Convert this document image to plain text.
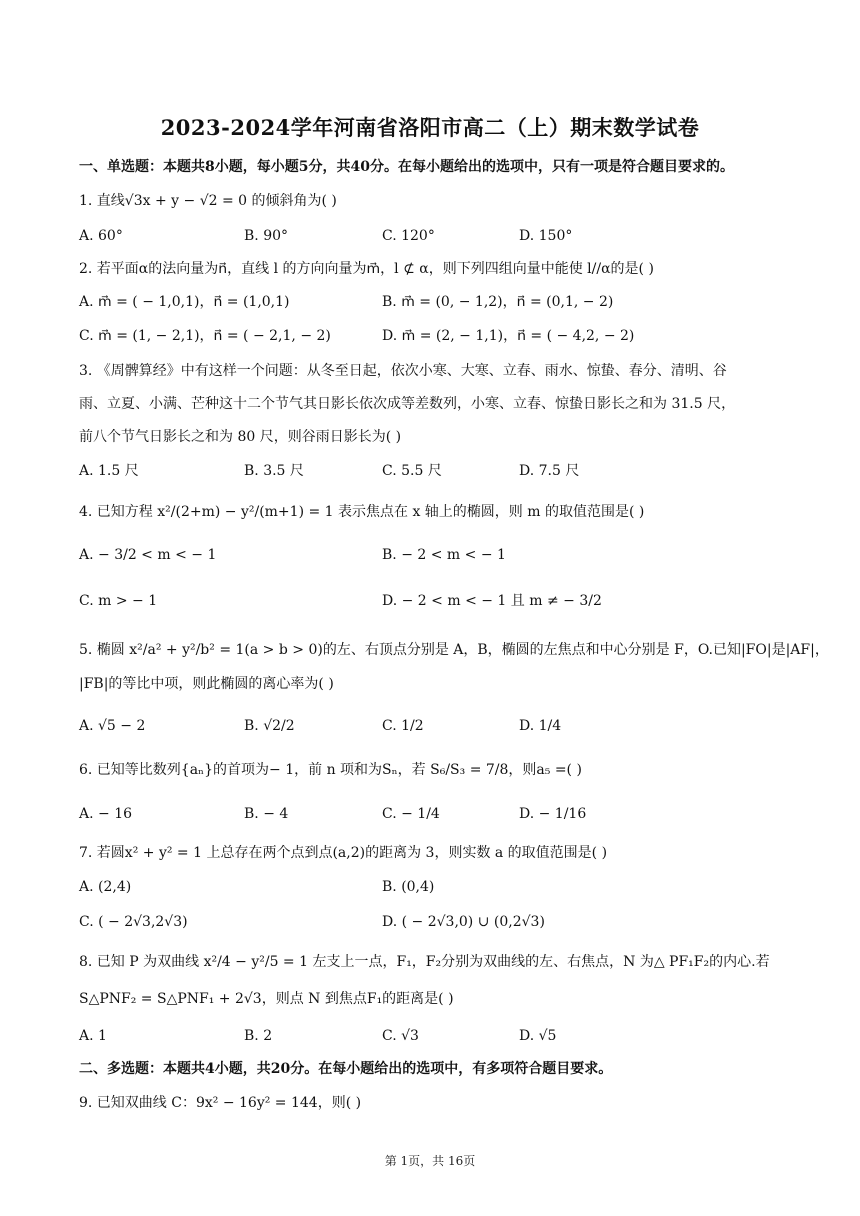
2023-2024学年河南省洛阳市高二（上）期末数学试卷
一、单选题：本题共8小题，每小题5分，共40分。在每小题给出的选项中，只有一项是符合题目要求的。
1. 直线√3x + y − √2 = 0 的倾斜角为( )
A. 60°	B. 90°	C. 120°	D. 150°
2. 若平面α的法向量为n⃗，直线 l 的方向向量为m⃗，l ⊄ α，则下列四组向量中能使 l//α的是( )
A. m⃗ = ( − 1,0,1)，n⃗ = (1,0,1)	B. m⃗ = (0, − 1,2)，n⃗ = (0,1, − 2)
C. m⃗ = (1, − 2,1)，n⃗ = ( − 2,1, − 2)	D. m⃗ = (2, − 1,1)，n⃗ = ( − 4,2, − 2)
3. 《周髀算经》中有这样一个问题：从冬至日起，依次小寒、大寒、立春、雨水、惊蛰、春分、清明、谷
雨、立夏、小满、芒种这十二个节气其日影长依次成等差数列，小寒、立春、惊蛰日影长之和为 31.5 尺，
前八个节气日影长之和为 80 尺，则谷雨日影长为( )
A. 1.5 尺	B. 3.5 尺	C. 5.5 尺	D. 7.5 尺
4. 已知方程 x²/(2+m) − y²/(m+1) = 1 表示焦点在 x 轴上的椭圆，则 m 的取值范围是( )
A. − 3/2 < m < − 1	B. − 2 < m < − 1
C. m > − 1	D. − 2 < m < − 1 且 m ≠ − 3/2
5. 椭圆 x²/a² + y²/b² = 1(a > b > 0)的左、右顶点分别是 A，B，椭圆的左焦点和中心分别是 F，O.已知|FO|是|AF|，
|FB|的等比中项，则此椭圆的离心率为( )
A. √5 − 2	B. √2/2	C. 1/2	D. 1/4
6. 已知等比数列{aₙ}的首项为− 1，前 n 项和为Sₙ，若 S₆/S₃ = 7/8，则a₅ =( )
A. − 16	B. − 4	C. − 1/4	D. − 1/16
7. 若圆x² + y² = 1 上总存在两个点到点(a,2)的距离为 3，则实数 a 的取值范围是( )
A. (2,4)	B. (0,4)
C. ( − 2√3,2√3)	D. ( − 2√3,0) ∪ (0,2√3)
8. 已知 P 为双曲线 x²/4 − y²/5 = 1 左支上一点，F₁，F₂分别为双曲线的左、右焦点，N 为△ PF₁F₂的内心.若
S△PNF₂ = S△PNF₁ + 2√3，则点 N 到焦点F₁的距离是( )
A. 1	B. 2	C. √3	D. √5
二、多选题：本题共4小题，共20分。在每小题给出的选项中，有多项符合题目要求。
9. 已知双曲线 C：9x² − 16y² = 144，则( )
第 1页，共 16页
